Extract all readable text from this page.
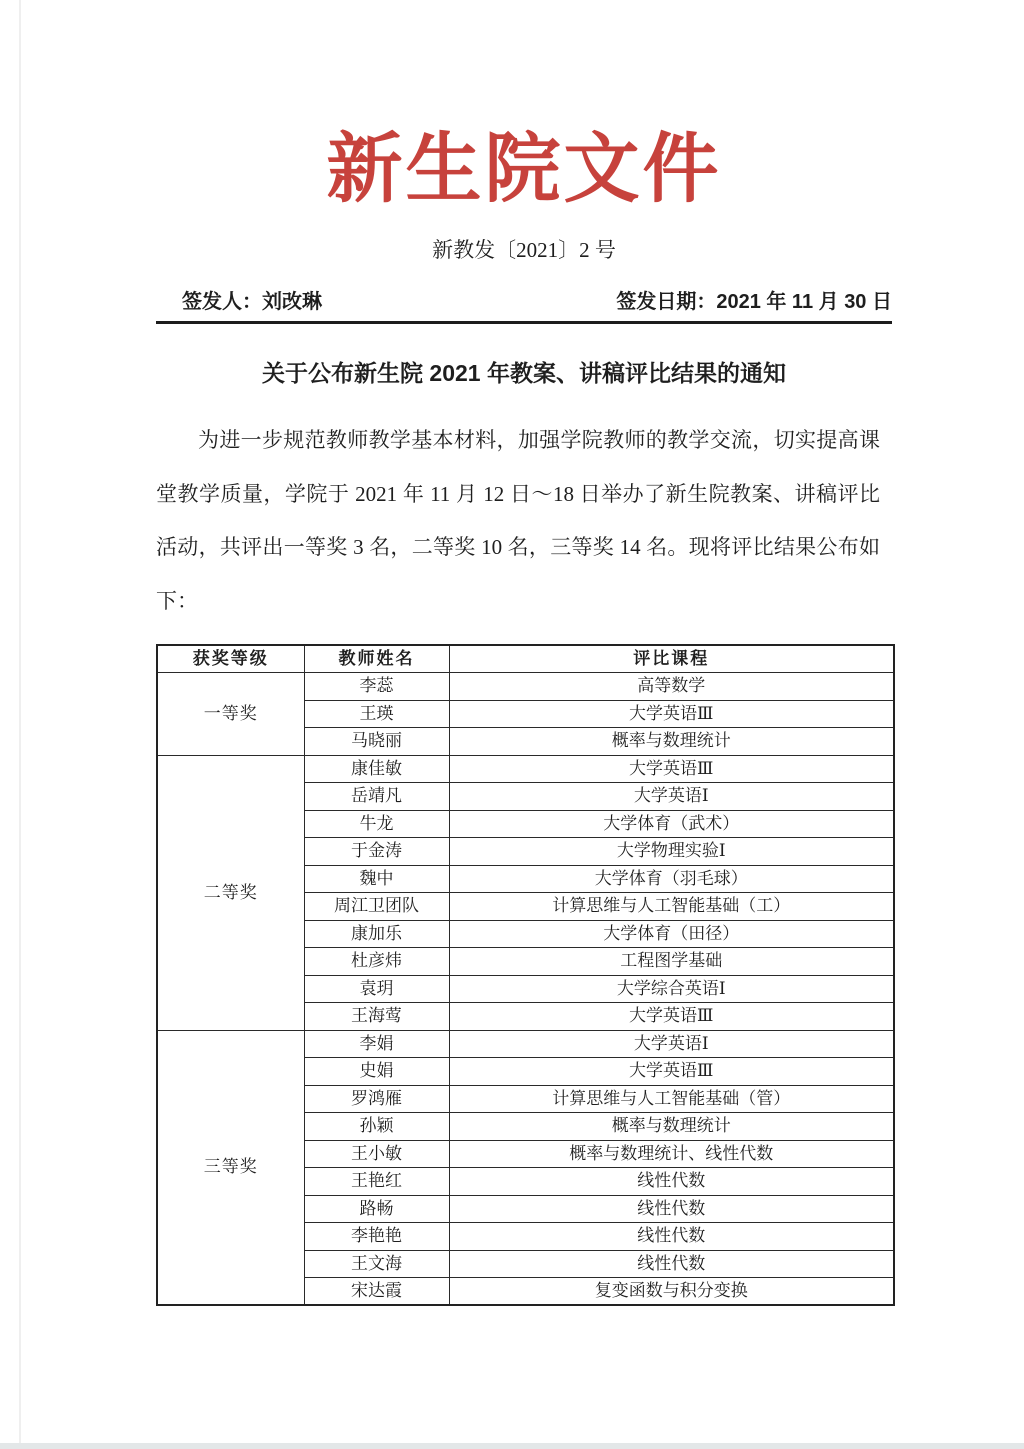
新生院文件
新教发〔2021〕2 号
签发人：刘改琳	签发日期：2021 年 11 月 30 日
关于公布新生院 2021 年教案、讲稿评比结果的通知

为进一步规范教师教学基本材料，加强学院教师的教学交流，切实提高课堂教学质量，学院于 2021 年 11 月 12 日～18 日举办了新生院教案、讲稿评比活动，共评出一等奖 3 名，二等奖 10 名，三等奖 14 名。现将评比结果公布如下：

获奖等级	教师姓名	评比课程
一等奖	李蕊	高等数学
	王瑛	大学英语Ⅲ
	马晓丽	概率与数理统计
二等奖	康佳敏	大学英语Ⅲ
	岳靖凡	大学英语Ⅰ
	牛龙	大学体育（武术）
	于金涛	大学物理实验Ⅰ
	魏中	大学体育（羽毛球）
	周江卫团队	计算思维与人工智能基础（工）
	康加乐	大学体育（田径）
	杜彦炜	工程图学基础
	袁玥	大学综合英语Ⅰ
	王海莺	大学英语Ⅲ
三等奖	李娟	大学英语Ⅰ
	史娟	大学英语Ⅲ
	罗鸿雁	计算思维与人工智能基础（管）
	孙颖	概率与数理统计
	王小敏	概率与数理统计、线性代数
	王艳红	线性代数
	路畅	线性代数
	李艳艳	线性代数
	王文海	线性代数
	宋达霞	复变函数与积分变换
